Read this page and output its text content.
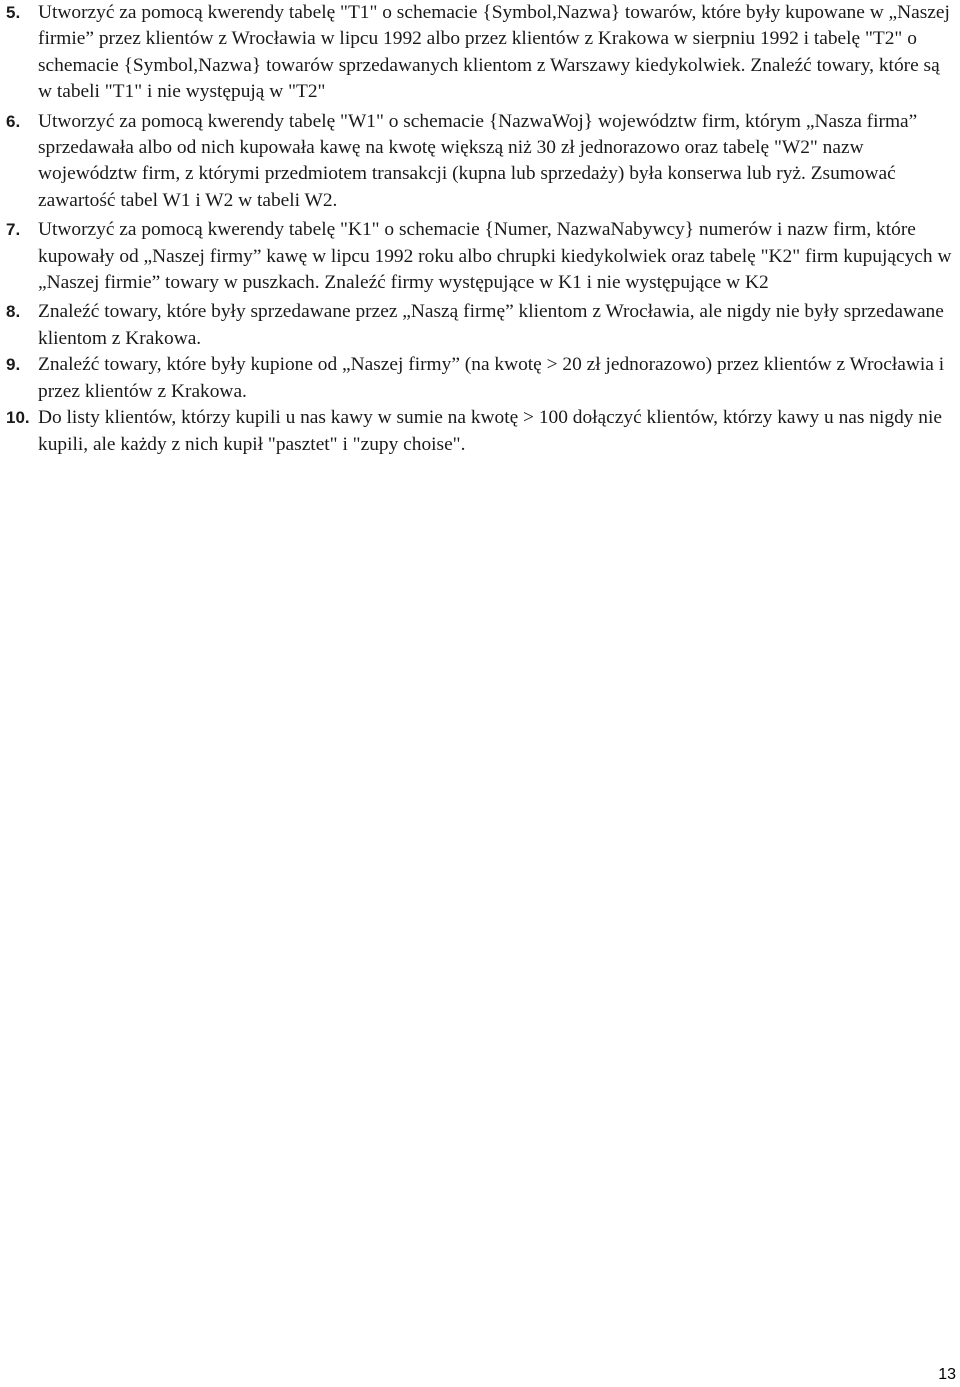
5. Utworzyć za pomocą kwerendy tabelę "T1" o schemacie {Symbol,Nazwa} towarów, które były kupowane w „Naszej firmie” przez klientów z Wrocławia w lipcu 1992 albo przez klientów z Krakowa w sierpniu 1992 i tabelę "T2" o schemacie {Symbol,Nazwa} towarów sprzedawanych klientom z Warszawy kiedykolwiek. Znaleźć towary, które są w tabeli "T1" i nie występują w "T2"
6. Utworzyć za pomocą kwerendy tabelę "W1" o schemacie {NazwaWoj} województw firm, którym „Nasza firma” sprzedawała albo od nich kupowała kawę na kwotę większą niż 30 zł jednorazowo oraz tabelę "W2" nazw województw firm, z którymi przedmiotem transakcji (kupna lub sprzedaży) była konserwa lub ryż. Zsumować zawartość tabel W1 i W2 w tabeli W2.
7. Utworzyć za pomocą kwerendy tabelę "K1" o schemacie {Numer, NazwaNabywcy} numerów i nazw firm, które kupowały od „Naszej firmy” kawę w lipcu 1992 roku albo chrupki kiedykolwiek oraz tabelę "K2" firm kupujących w „Naszej firmie” towary w puszkach. Znaleźć firmy występujące w K1 i nie występujące w K2
8. Znaleźć towary, które były sprzedawane przez „Naszą firmę” klientom z Wrocławia, ale nigdy nie były sprzedawane klientom z Krakowa.
9. Znaleźć towary, które były kupione od „Naszej firmy” (na kwotę > 20 zł jednorazowo) przez klientów z Wrocławia i przez klientów z Krakowa.
10. Do listy klientów, którzy kupili u nas kawy w sumie na kwotę > 100 dołączyć klientów, którzy kawy u nas nigdy nie kupili, ale każdy z nich kupił "pasztet" i "zupy choise".
13
